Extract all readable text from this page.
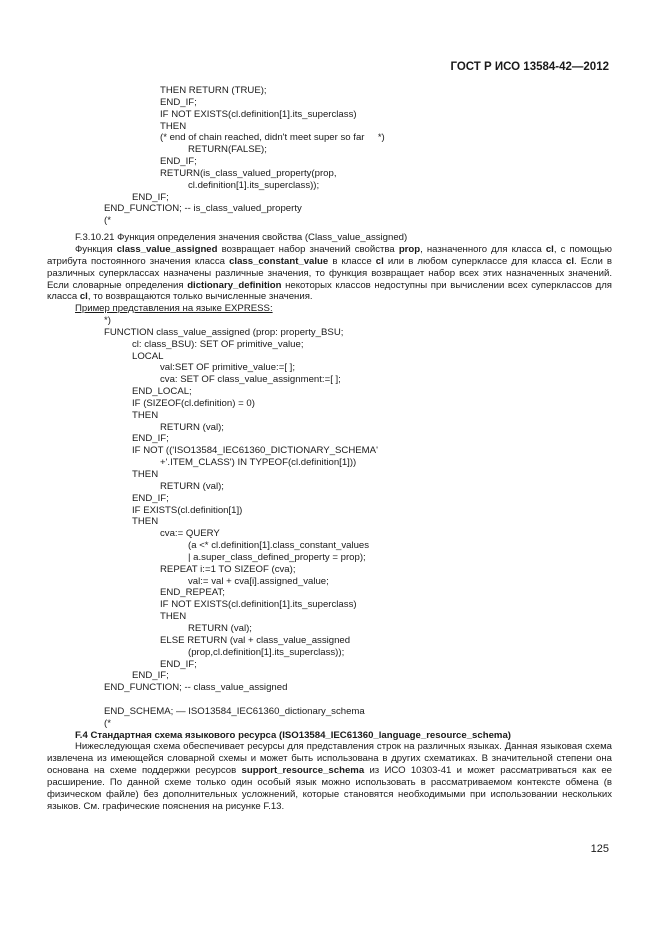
ГОСТ Р ИСО 13584-42—2012
THEN RETURN (TRUE);
END_IF;
IF NOT EXISTS(cl.definition[1].its_superclass)
THEN
(* end of chain reached, didn't meet super so far     *)
RETURN(FALSE);
END_IF;
RETURN(is_class_valued_property(prop,
cl.definition[1].its_superclass));
END_IF;
END_FUNCTION; -- is_class_valued_property
(*
F.3.10.21 Функция определения значения свойства (Class_value_assigned)
Функция class_value_assigned возвращает набор значений свойства prop, назначенного для класса cl, с помощью атрибута постоянного значения класса class_constant_value в классе cl или в любом суперклассе для класса cl. Если в различных суперклассах назначены различные значения, то функция возвращает набор всех этих назначенных значений. Если словарные определения dictionary_definition некоторых классов недоступны при вычислении всех суперклассов для класса cl, то возвращаются только вычисленные значения.
Пример представления на языке EXPRESS:
*)
FUNCTION class_value_assigned (prop: property_BSU;
cl: class_BSU): SET OF primitive_value;
LOCAL
val:SET OF primitive_value:=[ ];
cva: SET OF class_value_assignment:=[ ];
END_LOCAL;
IF (SIZEOF(cl.definition) = 0)
THEN
RETURN (val);
END_IF;
IF NOT (('ISO13584_IEC61360_DICTIONARY_SCHEMA'
+'.ITEM_CLASS') IN TYPEOF(cl.definition[1]))
THEN
RETURN (val);
END_IF;
IF EXISTS(cl.definition[1])
THEN
cva:= QUERY
(a <* cl.definition[1].class_constant_values
| a.super_class_defined_property = prop);
REPEAT i:=1 TO SIZEOF (cva);
val:= val + cva[i].assigned_value;
END_REPEAT;
IF NOT EXISTS(cl.definition[1].its_superclass)
THEN
RETURN (val);
ELSE RETURN (val + class_value_assigned
(prop,cl.definition[1].its_superclass));
END_IF;
END_IF;
END_FUNCTION; -- class_value_assigned
END_SCHEMA; — ISO13584_IEC61360_dictionary_schema
(*
F.4 Стандартная схема языкового ресурса (ISO13584_IEC61360_language_resource_schema)
Нижеследующая схема обеспечивает ресурсы для представления строк на различных языках. Данная языковая схема извлечена из имеющейся словарной схемы и может быть использована в других схематиках. В значительной степени она основана на схеме поддержки ресурсов support_resource_schema из ИСО 10303-41 и может рассматриваться как ее расширение. По данной схеме только один особый язык можно использовать в рассматриваемом контексте обмена (в физическом файле) без дополнительных усложнений, которые становятся необходимыми при использовании нескольких языков. См. графические пояснения на рисунке F.13.
125
